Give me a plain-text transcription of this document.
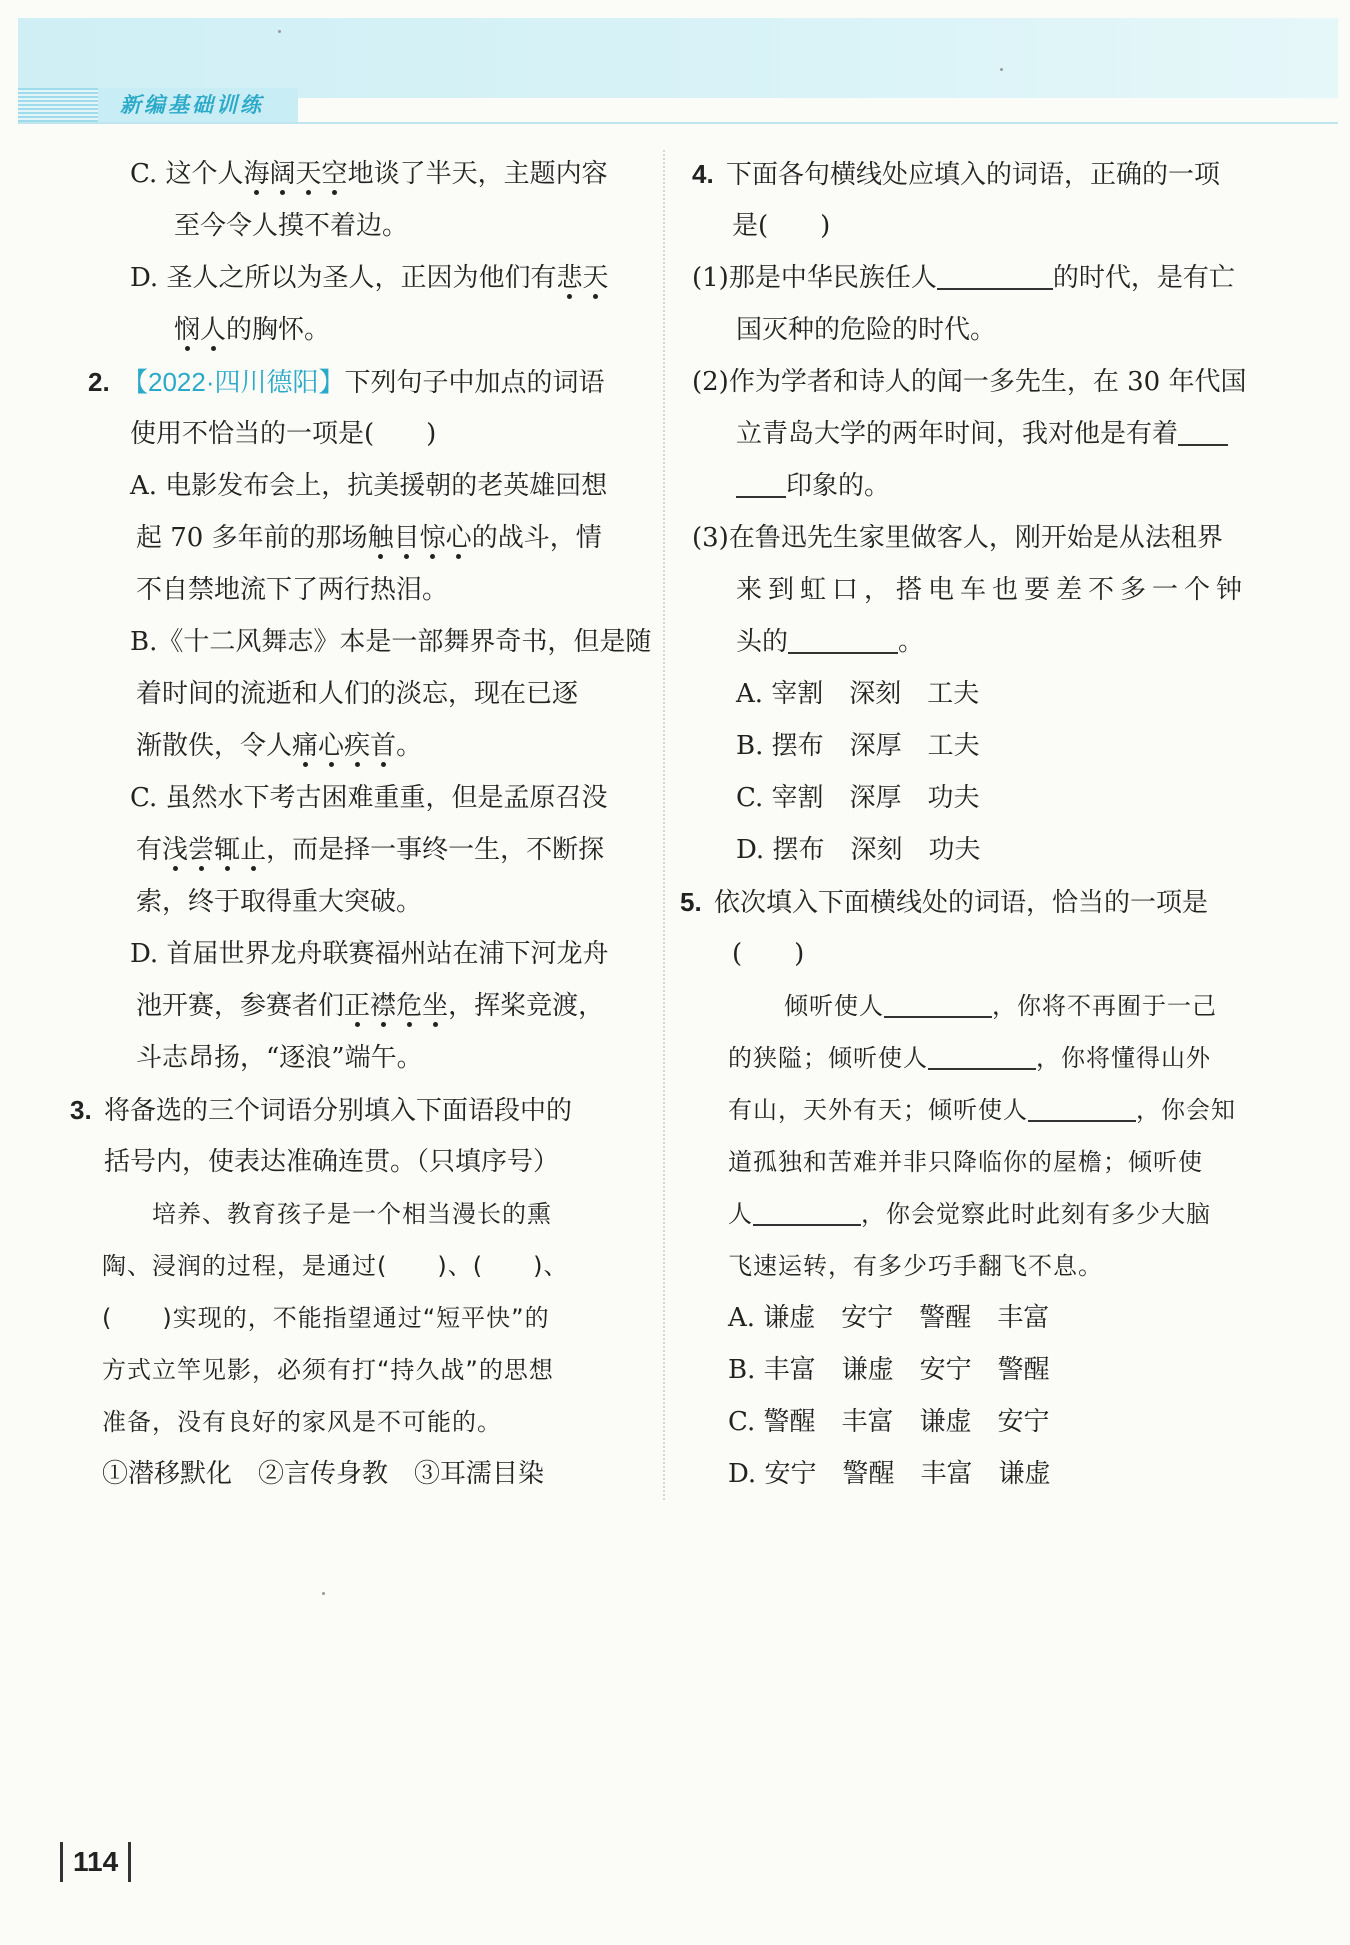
新编基础训练
C. 这个人海阔天空地谈了半天，主题内容
至今令人摸不着边。
D. 圣人之所以为圣人，正因为他们有悲天
悯人的胸怀。
2. 【2022·四川德阳】下列句子中加点的词语
使用不恰当的一项是(　　)
A. 电影发布会上，抗美援朝的老英雄回想
起 70 多年前的那场触目惊心的战斗，情
不自禁地流下了两行热泪。
B.《十二风舞志》本是一部舞界奇书，但是随
着时间的流逝和人们的淡忘，现在已逐
渐散佚，令人痛心疾首。
C. 虽然水下考古困难重重，但是孟原召没
有浅尝辄止，而是择一事终一生，不断探
索，终于取得重大突破。
D. 首届世界龙舟联赛福州站在浦下河龙舟
池开赛，参赛者们正襟危坐，挥桨竞渡，
斗志昂扬，“逐浪”端午。
3. 将备选的三个词语分别填入下面语段中的
括号内，使表达准确连贯。（只填序号）
培养、教育孩子是一个相当漫长的熏
陶、浸润的过程，是通过(　　)、(　　)、
(　　)实现的，不能指望通过“短平快”的
方式立竿见影，必须有打“持久战”的思想
准备，没有良好的家风是不可能的。
①潜移默化　②言传身教　③耳濡目染
4. 下面各句横线处应填入的词语，正确的一项
是(　　)
(1)那是中华民族任人	的时代，是有亡
国灭种的危险的时代。
(2)作为学者和诗人的闻一多先生，在 30 年代国
立青岛大学的两年时间，我对他是有着
印象的。
(3)在鲁迅先生家里做客人，刚开始是从法租界
来到虹口，搭电车也要差不多一个钟
头的	。
A. 宰割　深刻　工夫
B. 摆布　深厚　工夫
C. 宰割　深厚　功夫
D. 摆布　深刻　功夫
5. 依次填入下面横线处的词语，恰当的一项是
(　　)
倾听使人	，你将不再囿于一己
的狭隘；倾听使人	，你将懂得山外
有山，天外有天；倾听使人	，你会知
道孤独和苦难并非只降临你的屋檐；倾听使
人	，你会觉察此时此刻有多少大脑
飞速运转，有多少巧手翻飞不息。
A. 谦虚　安宁　警醒　丰富
B. 丰富　谦虚　安宁　警醒
C. 警醒　丰富　谦虚　安宁
D. 安宁　警醒　丰富　谦虚
114
